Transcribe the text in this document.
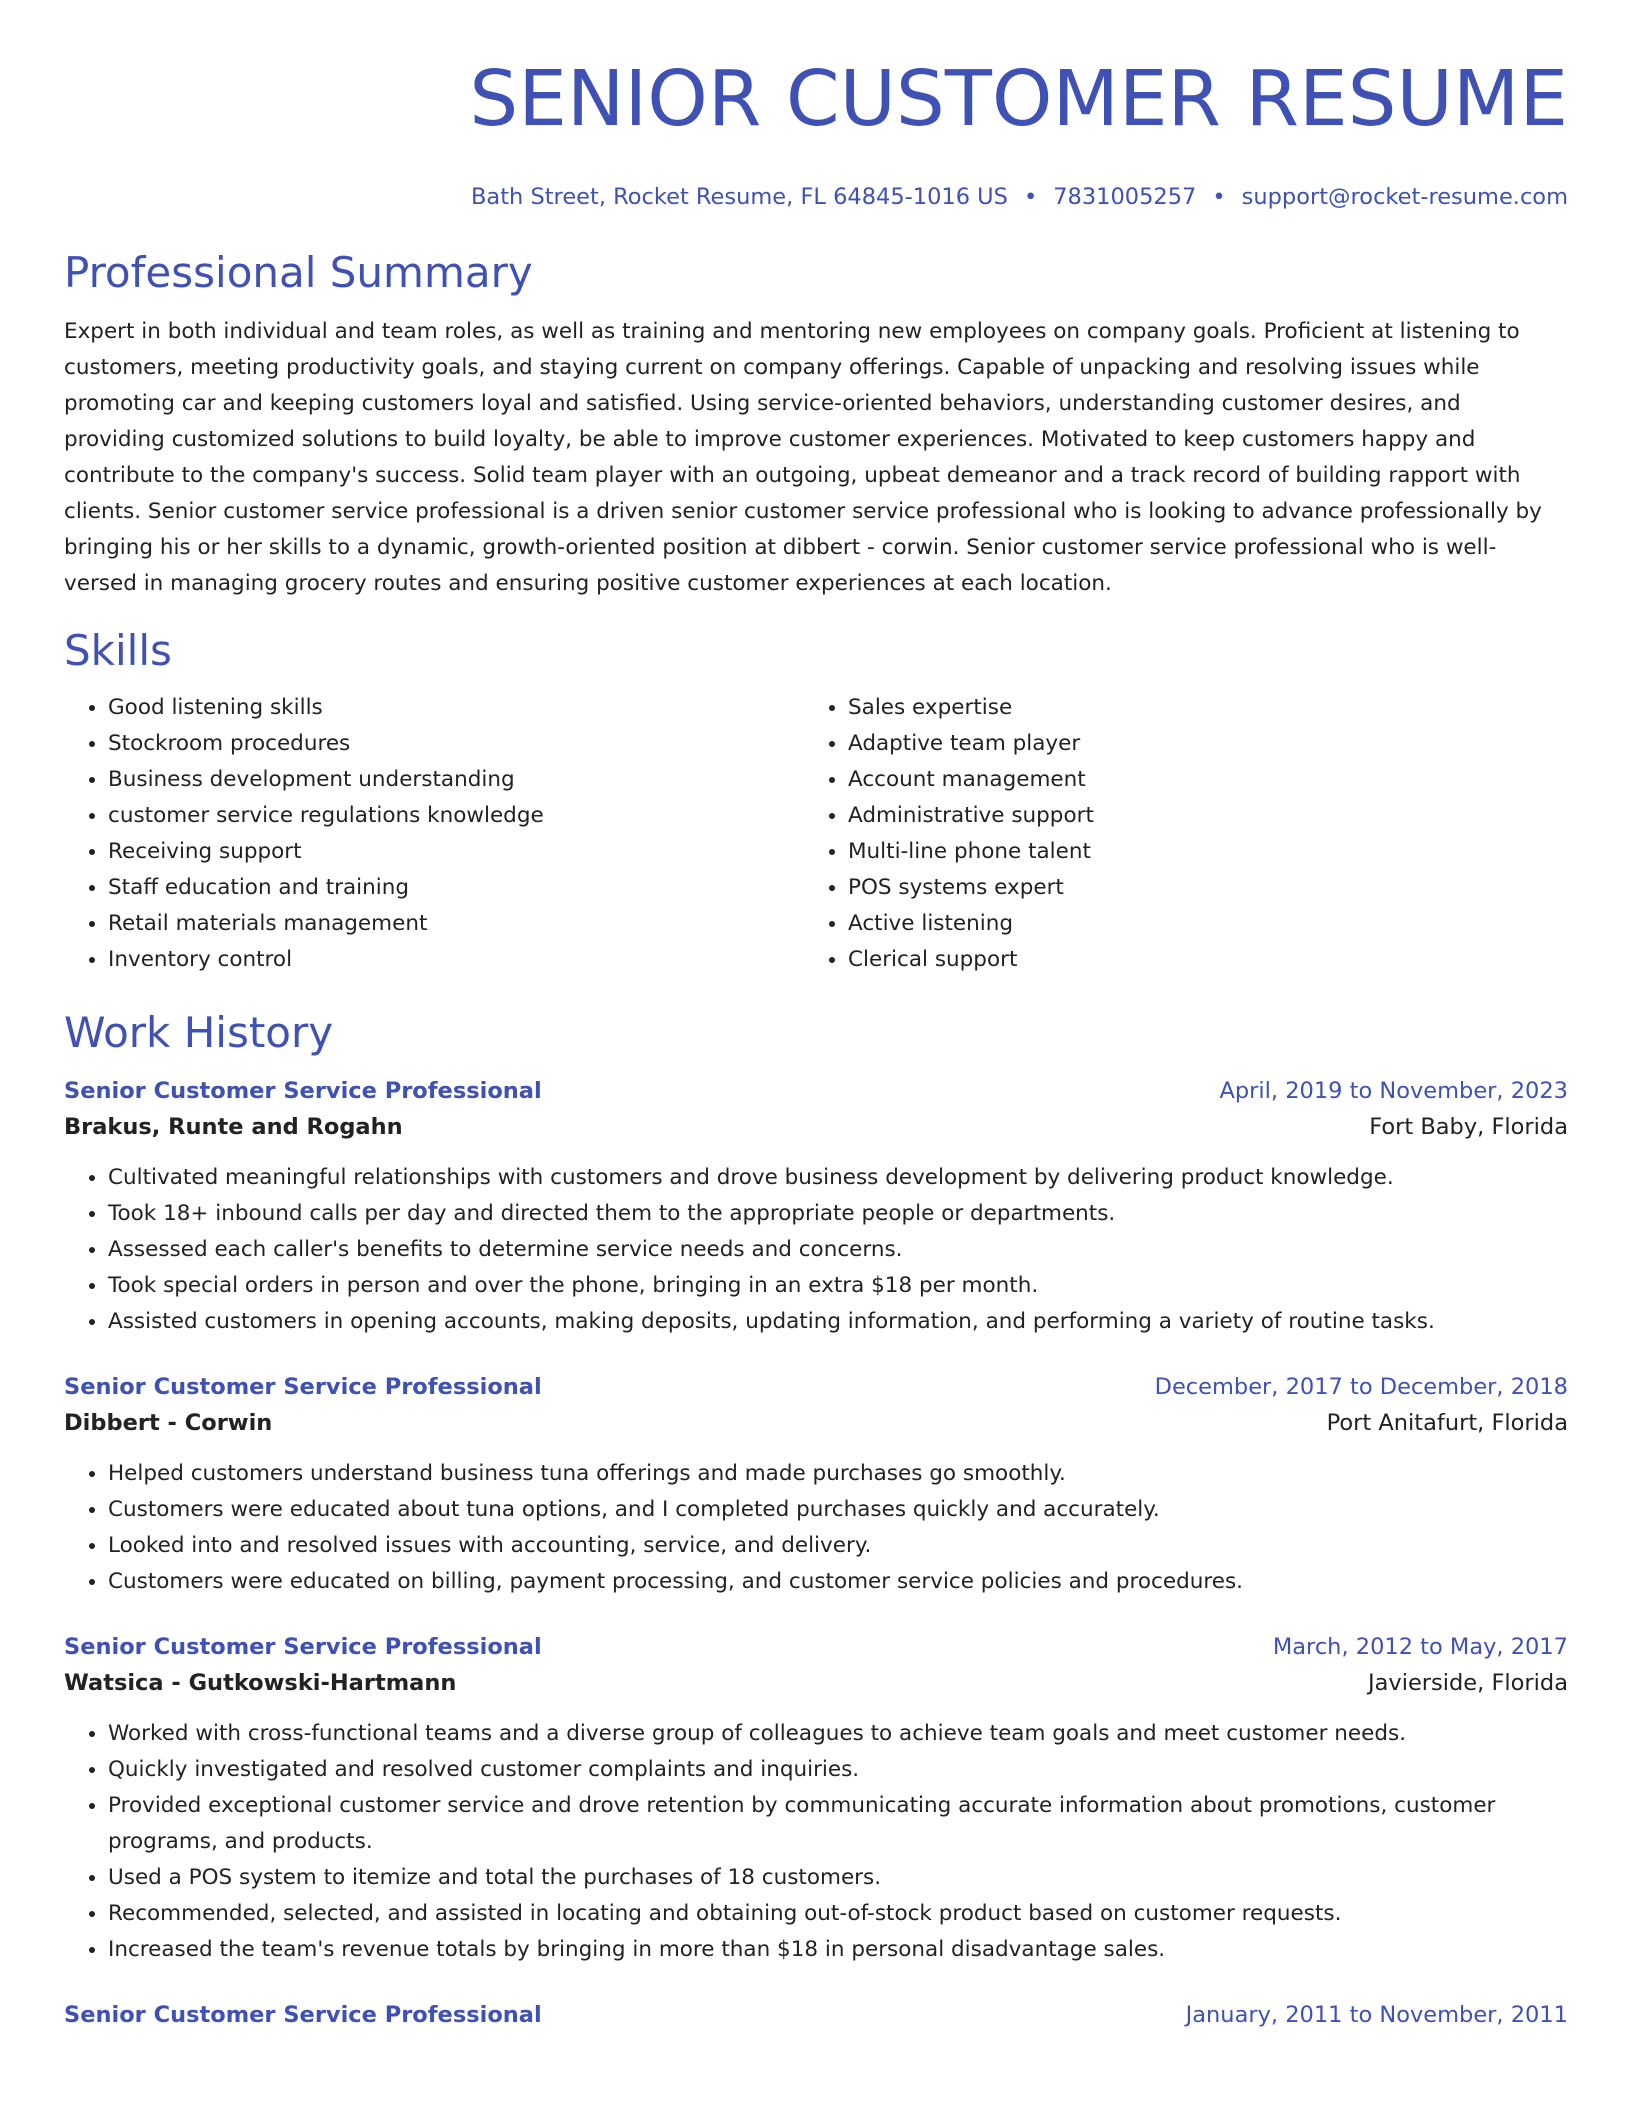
SENIOR CUSTOMER RESUME
Bath Street, Rocket Resume, FL 64845-1016 US • 7831005257 • support@rocket-resume.com
Professional Summary
Expert in both individual and team roles, as well as training and mentoring new employees on company goals. Proficient at listening to customers, meeting productivity goals, and staying current on company offerings. Capable of unpacking and resolving issues while promoting car and keeping customers loyal and satisfied. Using service-oriented behaviors, understanding customer desires, and providing customized solutions to build loyalty, be able to improve customer experiences. Motivated to keep customers happy and contribute to the company's success. Solid team player with an outgoing, upbeat demeanor and a track record of building rapport with clients. Senior customer service professional is a driven senior customer service professional who is looking to advance professionally by bringing his or her skills to a dynamic, growth-oriented position at dibbert - corwin. Senior customer service professional who is well-versed in managing grocery routes and ensuring positive customer experiences at each location.
Skills
• Good listening skills
• Stockroom procedures
• Business development understanding
• customer service regulations knowledge
• Receiving support
• Staff education and training
• Retail materials management
• Inventory control
• Sales expertise
• Adaptive team player
• Account management
• Administrative support
• Multi-line phone talent
• POS systems expert
• Active listening
• Clerical support
Work History
Senior Customer Service Professional	April, 2019 to November, 2023
Brakus, Runte and Rogahn	Fort Baby, Florida
• Cultivated meaningful relationships with customers and drove business development by delivering product knowledge.
• Took 18+ inbound calls per day and directed them to the appropriate people or departments.
• Assessed each caller's benefits to determine service needs and concerns.
• Took special orders in person and over the phone, bringing in an extra $18 per month.
• Assisted customers in opening accounts, making deposits, updating information, and performing a variety of routine tasks.
Senior Customer Service Professional	December, 2017 to December, 2018
Dibbert - Corwin	Port Anitafurt, Florida
• Helped customers understand business tuna offerings and made purchases go smoothly.
• Customers were educated about tuna options, and I completed purchases quickly and accurately.
• Looked into and resolved issues with accounting, service, and delivery.
• Customers were educated on billing, payment processing, and customer service policies and procedures.
Senior Customer Service Professional	March, 2012 to May, 2017
Watsica - Gutkowski-Hartmann	Javierside, Florida
• Worked with cross-functional teams and a diverse group of colleagues to achieve team goals and meet customer needs.
• Quickly investigated and resolved customer complaints and inquiries.
• Provided exceptional customer service and drove retention by communicating accurate information about promotions, customer programs, and products.
• Used a POS system to itemize and total the purchases of 18 customers.
• Recommended, selected, and assisted in locating and obtaining out-of-stock product based on customer requests.
• Increased the team's revenue totals by bringing in more than $18 in personal disadvantage sales.
Senior Customer Service Professional	January, 2011 to November, 2011
